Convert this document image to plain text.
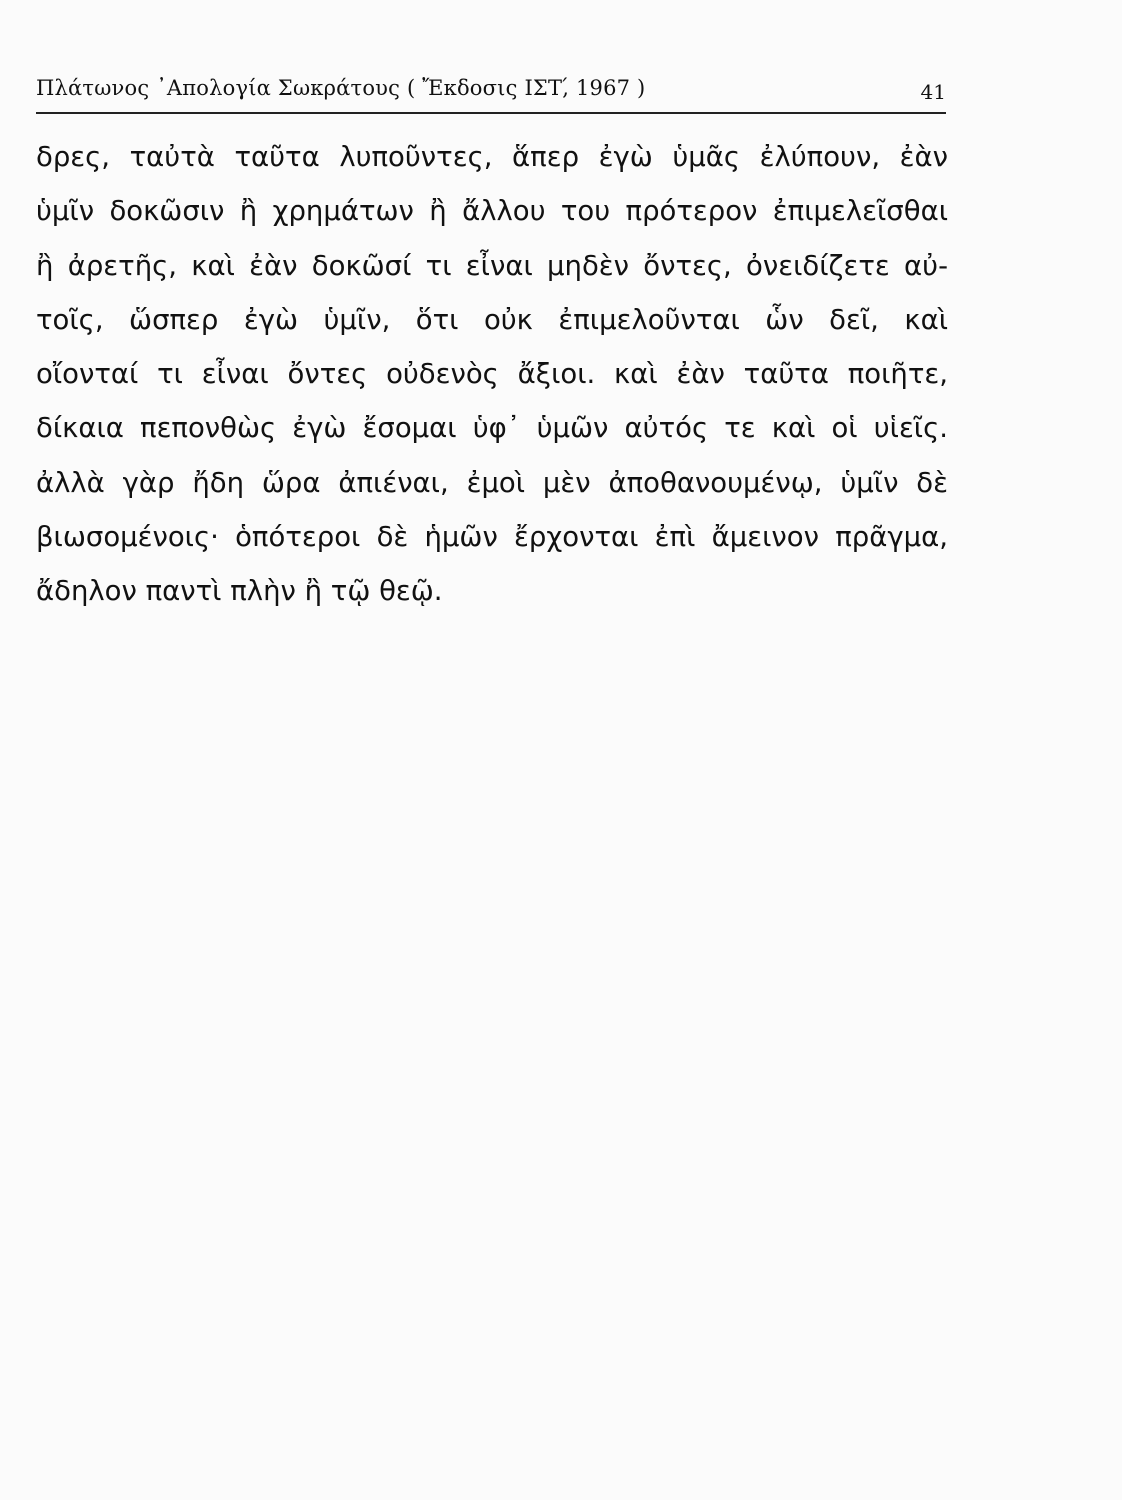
Πλάτωνος ᾿Απολογία Σωκράτους ( Ἔκδοσις ΙΣΤ,́ 1967 )	41
δρες, ταὐτὰ ταῦτα λυποῦντες, ἅπερ ἐγὼ ὑμᾶς ἐλύπουν, ἐὰν
ὑμῖν δοκῶσιν ἢ χρημάτων ἢ ἄλλου του πρότερον ἐπιμελεῖσθαι
ἢ ἀρετῆς, καὶ ἐὰν δοκῶσί τι εἶναι μηδὲν ὄντες, ὀνειδίζετε αὐ-
τοῖς, ὥσπερ ἐγὼ ὑμῖν, ὅτι οὐκ ἐπιμελοῦνται ὧν δεῖ, καὶ
οἴονταί τι εἶναι ὄντες οὐδενὸς ἄξιοι. καὶ ἐὰν ταῦτα ποιῆτε,
δίκαια πεπονθὼς ἐγὼ ἔσομαι ὑφ᾽ ὑμῶν αὐτός τε καὶ οἱ υἱεῖς.
ἀλλὰ γὰρ ἤδη ὥρα ἀπιέναι, ἐμοὶ μὲν ἀποθανουμένῳ, ὑμῖν δὲ
βιωσομένοις· ὁπότεροι δὲ ἡμῶν ἔρχονται ἐπὶ ἄμεινον πρᾶγμα,
ἄδηλον παντὶ πλὴν ἢ τῷ θεῷ.
